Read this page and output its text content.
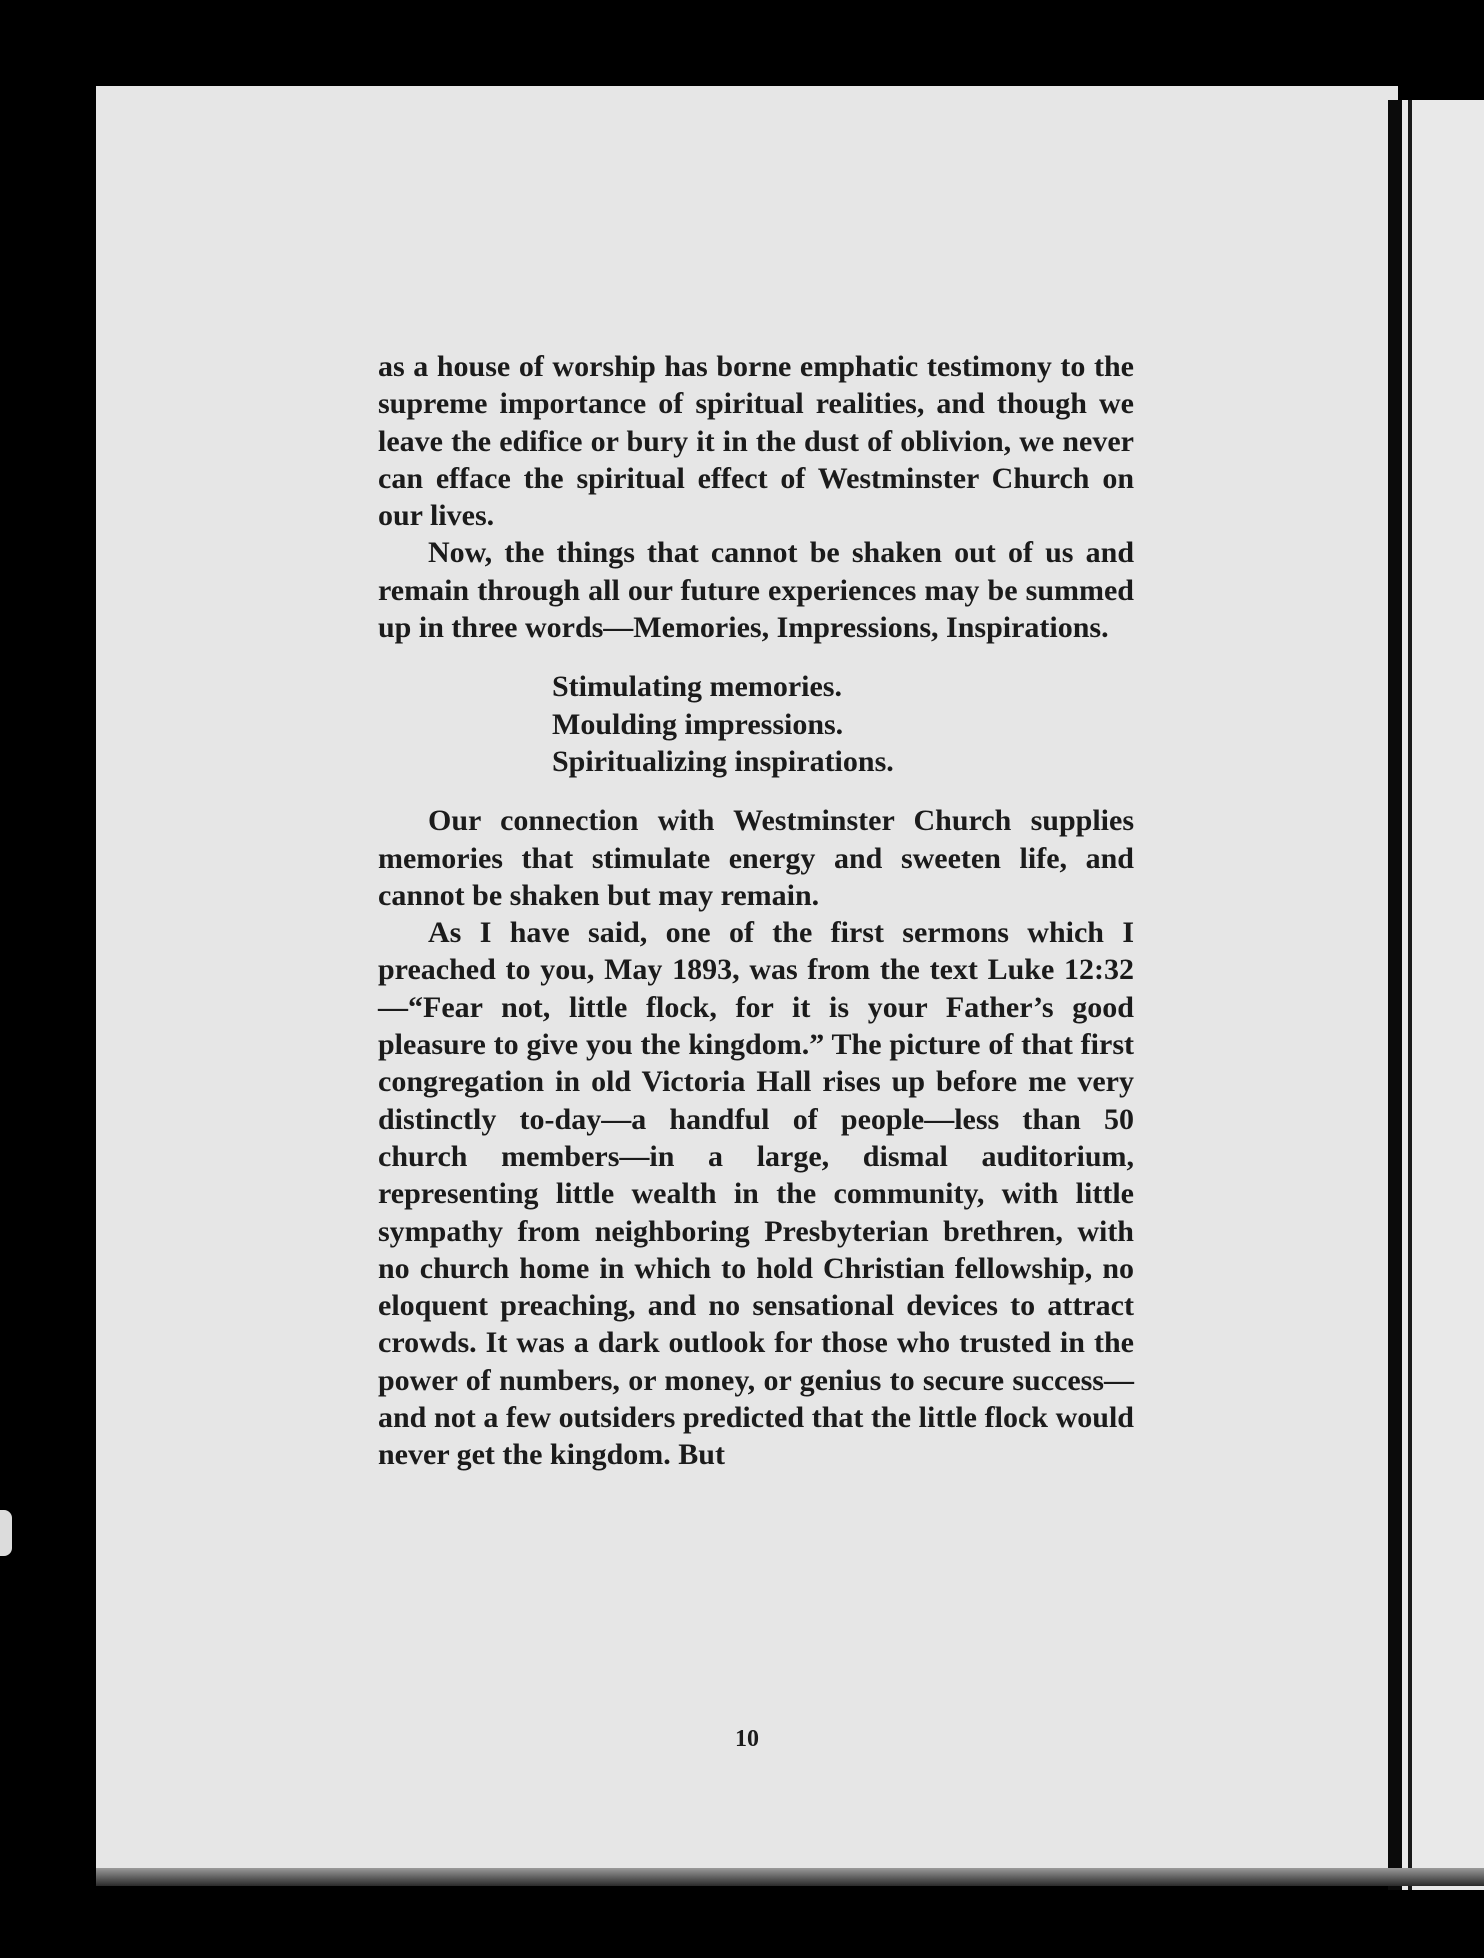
as a house of worship has borne emphatic testimony to the supreme importance of spiritual realities, and though we leave the edifice or bury it in the dust of oblivion, we never can efface the spiritual effect of Westminster Church on our lives.

Now, the things that cannot be shaken out of us and remain through all our future experiences may be summed up in three words—Memories, Impressions, Inspirations.

Stimulating memories.
Moulding impressions.
Spiritualizing inspirations.

Our connection with Westminster Church supplies memories that stimulate energy and sweeten life, and cannot be shaken but may remain.

As I have said, one of the first sermons which I preached to you, May 1893, was from the text Luke 12:32—“Fear not, little flock, for it is your Father’s good pleasure to give you the kingdom.” The picture of that first congregation in old Victoria Hall rises up before me very distinctly to-day—a handful of people—less than 50 church members—in a large, dismal auditorium, representing little wealth in the community, with little sympathy from neighboring Presbyterian brethren, with no church home in which to hold Christian fellowship, no eloquent preaching, and no sensational devices to attract crowds. It was a dark outlook for those who trusted in the power of numbers, or money, or genius to secure success—and not a few outsiders predicted that the little flock would never get the kingdom. But

10
